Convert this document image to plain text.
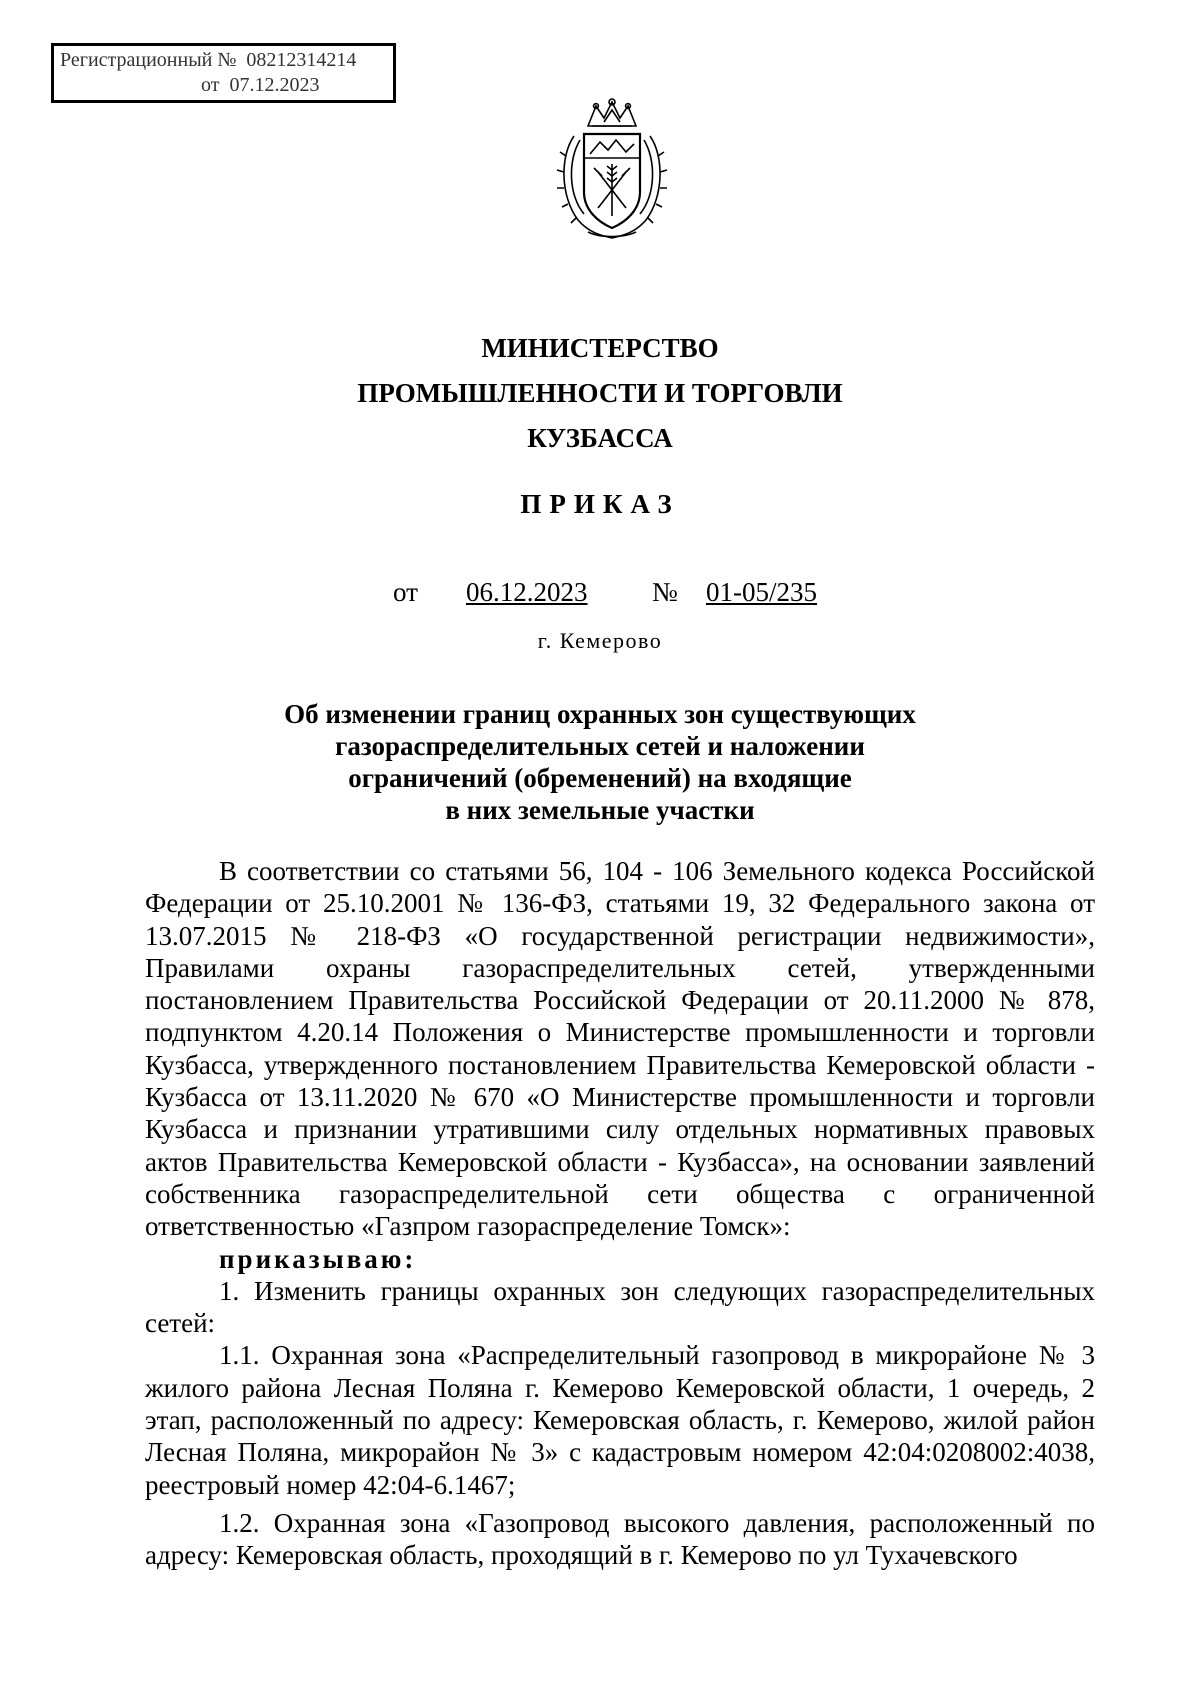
Регистрационный № 08212314214
от 07.12.2023
МИНИСТЕРСТВО
ПРОМЫШЛЕННОСТИ И ТОРГОВЛИ
КУЗБАССА
ПРИКАЗ
от 06.12.2023 № 01-05/235
г. Кемерово
Об изменении границ охранных зон существующих
газораспределительных сетей и наложении
ограничений (обременений) на входящие
в них земельные участки

В соответствии со статьями 56, 104 - 106 Земельного кодекса Российской Федерации от 25.10.2001 № 136-ФЗ, статьями 19, 32 Федерального закона от 13.07.2015 № 218-ФЗ «О государственной регистрации недвижимости», Правилами охраны газораспределительных сетей, утвержденными постановлением Правительства Российской Федерации от 20.11.2000 № 878, подпунктом 4.20.14 Положения о Министерстве промышленности и торговли Кузбасса, утвержденного постановлением Правительства Кемеровской области - Кузбасса от 13.11.2020 № 670 «О Министерстве промышленности и торговли Кузбасса и признании утратившими силу отдельных нормативных правовых актов Правительства Кемеровской области - Кузбасса», на основании заявлений собственника газораспределительной сети общества с ограниченной ответственностью «Газпром газораспределение Томск»:

приказываю:

1. Изменить границы охранных зон следующих газораспределительных сетей:

1.1. Охранная зона «Распределительный газопровод в микрорайоне № 3 жилого района Лесная Поляна г. Кемерово Кемеровской области, 1 очередь, 2 этап, расположенный по адресу: Кемеровская область, г. Кемерово, жилой район Лесная Поляна, микрорайон № 3» с кадастровым номером 42:04:0208002:4038, реестровый номер 42:04-6.1467;

1.2. Охранная зона «Газопровод высокого давления, расположенный по адресу: Кемеровская область, проходящий в г. Кемерово по ул Тухачевского
